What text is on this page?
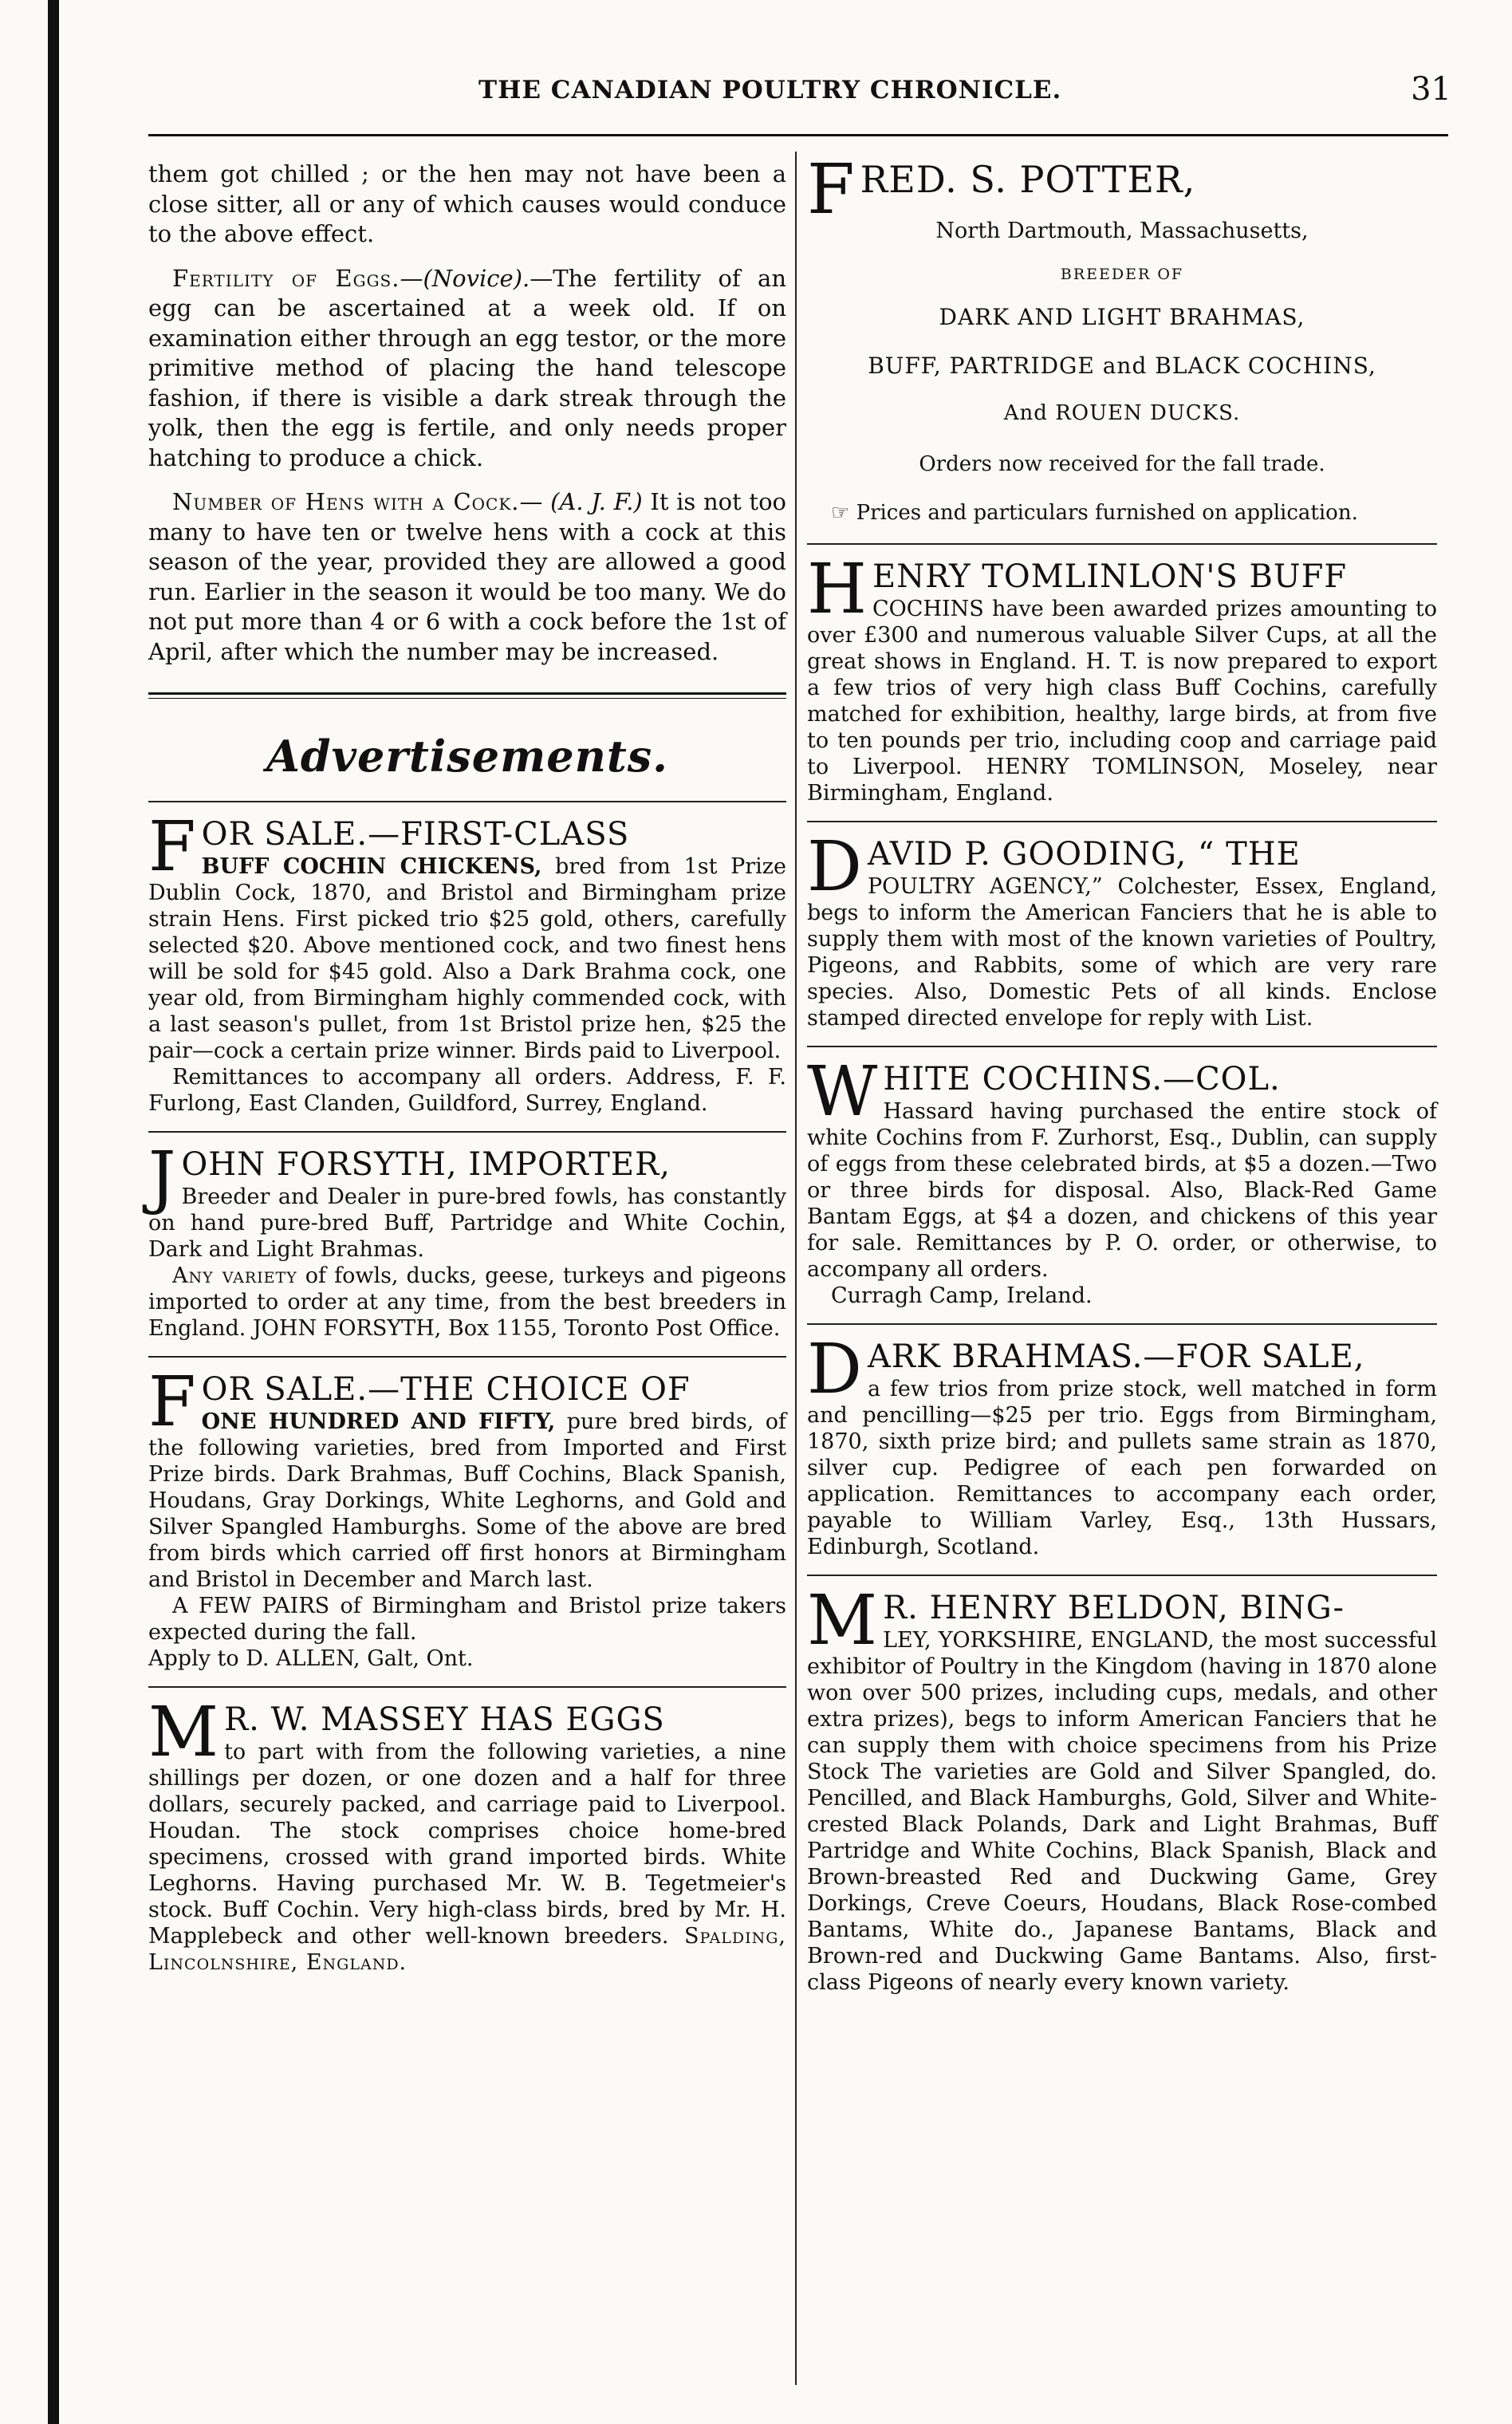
THE CANADIAN POULTRY CHRONICLE.	31

them got chilled ; or the hen may not have been a close sitter, all or any of which causes would conduce to the above effect.

Fertility of Eggs.—(Novice).—The fertility of an egg can be ascertained at a week old. If on examination either through an egg testor, or the more primitive method of placing the hand telescope fashion, if there is visible a dark streak through the yolk, then the egg is fertile, and only needs proper hatching to produce a chick.

Number of Hens with a Cock.— (A. J. F.) It is not too many to have ten or twelve hens with a cock at this season of the year, provided they are allowed a good run. Earlier in the season it would be too many. We do not put more than 4 or 6 with a cock before the 1st of April, after which the number may be increased.

Advertisements.
FOR SALE.—FIRST-CLASS
BUFF COCHIN CHICKENS, bred from 1st Prize Dublin Cock, 1870, and Bristol and Birmingham prize strain Hens. First picked trio $25 gold, others, carefully selected $20. Above mentioned cock, and two finest hens will be sold for $45 gold. Also a Dark Brahma cock, one year old, from Birmingham highly commended cock, with a last season's pullet, from 1st Bristol prize hen, $25 the pair—cock a certain prize winner. Birds paid to Liverpool.
Remittances to accompany all orders. Address, F. F. Furlong, East Clanden, Guildford, Surrey, England.
JOHN FORSYTH, IMPORTER,
Breeder and Dealer in pure-bred fowls, has constantly on hand pure-bred Buff, Partridge and White Cochin, Dark and Light Brahmas.
Any variety of fowls, ducks, geese, turkeys and pigeons imported to order at any time, from the best breeders in England. JOHN FORSYTH, Box 1155, Toronto Post Office.
FOR SALE.—THE CHOICE OF
ONE HUNDRED AND FIFTY, pure bred birds, of the following varieties, bred from Imported and First Prize birds. Dark Brahmas, Buff Cochins, Black Spanish, Houdans, Gray Dorkings, White Leghorns, and Gold and Silver Spangled Hamburghs. Some of the above are bred from birds which carried off first honors at Birmingham and Bristol in December and March last.
A FEW PAIRS of Birmingham and Bristol prize takers expected during the fall.
Apply to D. ALLEN, Galt, Ont.
M R. W. MASSEY HAS EGGS
to part with from the following varieties, a nine shillings per dozen, or one dozen and a half for three dollars, securely packed, and carriage paid to Liverpool. Houdan. The stock comprises choice home-bred specimens, crossed with grand imported birds. White Leghorns. Having purchased Mr. W. B. Tegetmeier's stock. Buff Cochin. Very high-class birds, bred by Mr. H. Mapplebeck and other well-known breeders. Spalding, Lincolnshire, England.
FRED. S. POTTER,
North Dartmouth, Massachusetts,
BREEDER OF
DARK AND LIGHT BRAHMAS,
BUFF, PARTRIDGE and BLACK COCHINS,
And ROUEN DUCKS.
Orders now received for the fall trade.
☞ Prices and particulars furnished on application.
HENRY TOMLINLON'S BUFF
COCHINS have been awarded prizes amounting to over £300 and numerous valuable Silver Cups, at all the great shows in England. H. T. is now prepared to export a few trios of very high class Buff Cochins, carefully matched for exhibition, healthy, large birds, at from five to ten pounds per trio, including coop and carriage paid to Liverpool. HENRY TOMLINSON, Moseley, near Birmingham, England.
DAVID P. GOODING, “ THE
POULTRY AGENCY,” Colchester, Essex, England, begs to inform the American Fanciers that he is able to supply them with most of the known varieties of Poultry, Pigeons, and Rabbits, some of which are very rare species. Also, Domestic Pets of all kinds. Enclose stamped directed envelope for reply with List.
WHITE COCHINS.—COL.
Hassard having purchased the entire stock of white Cochins from F. Zurhorst, Esq., Dublin, can supply of eggs from these celebrated birds, at $5 a dozen.—Two or three birds for disposal. Also, Black-Red Game Bantam Eggs, at $4 a dozen, and chickens of this year for sale. Remittances by P. O. order, or otherwise, to accompany all orders.
Curragh Camp, Ireland.
DARK BRAHMAS.—FOR SALE,
a few trios from prize stock, well matched in form and pencilling—$25 per trio. Eggs from Birmingham, 1870, sixth prize bird; and pullets same strain as 1870, silver cup. Pedigree of each pen forwarded on application. Remittances to accompany each order, payable to William Varley, Esq., 13th Hussars, Edinburgh, Scotland.
M R. HENRY BELDON, BING-
LEY, YORKSHIRE, ENGLAND, the most successful exhibitor of Poultry in the Kingdom (having in 1870 alone won over 500 prizes, including cups, medals, and other extra prizes), begs to inform American Fanciers that he can supply them with choice specimens from his Prize Stock The varieties are Gold and Silver Spangled, do. Pencilled, and Black Hamburghs, Gold, Silver and White-crested Black Polands, Dark and Light Brahmas, Buff Partridge and White Cochins, Black Spanish, Black and Brown-breasted Red and Duckwing Game, Grey Dorkings, Creve Coeurs, Houdans, Black Rose-combed Bantams, White do., Japanese Bantams, Black and Brown-red and Duckwing Game Bantams. Also, first-class Pigeons of nearly every known variety.
